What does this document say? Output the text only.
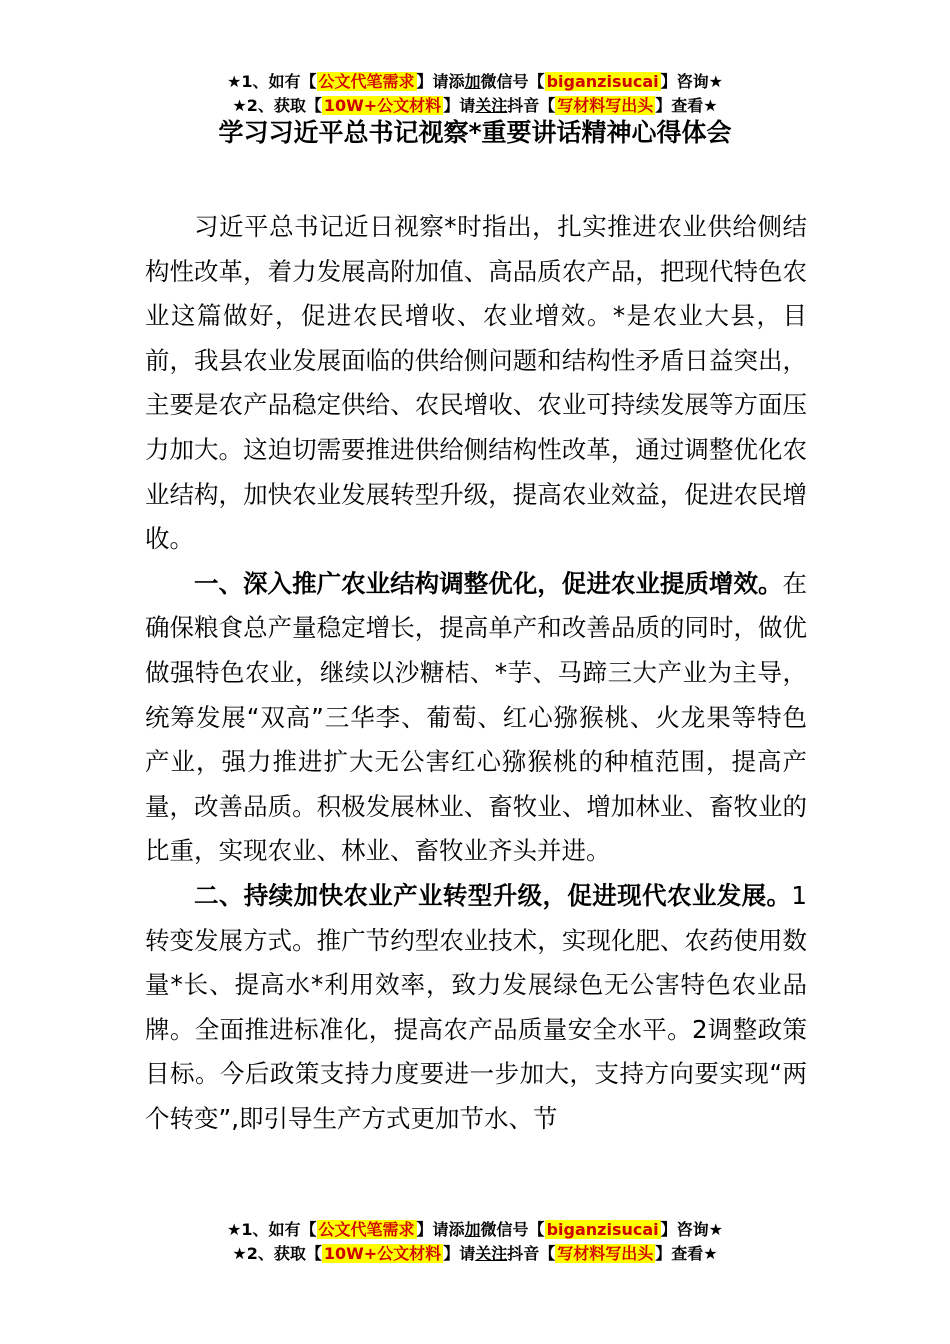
★1、如有【 公文代笔需求 】请添加微信号【 biganzisucai 】咨询★
★2、获取【 10W+公文材料 】请关注抖音【 写材料写出头 】查看★
学习习近平总书记视察*重要讲话精神心得体会

习近平总书记近日视察*时指出，扎实推进农业供给侧结构性改革，着力发展高附加值、高品质农产品，把现代特色农业这篇做好，促进农民增收、农业增效。*是农业大县，目前，我县农业发展面临的供给侧问题和结构性矛盾日益突出，主要是农产品稳定供给、农民增收、农业可持续发展等方面压力加大。这迫切需要推进供给侧结构性改革，通过调整优化农业结构，加快农业发展转型升级，提高农业效益，促进农民增收。

一、深入推广农业结构调整优化，促进农业提质增效。在确保粮食总产量稳定增长，提高单产和改善品质的同时，做优做强特色农业，继续以沙糖桔、*芋、马蹄三大产业为主导，统筹发展“双高”三华李、葡萄、红心猕猴桃、火龙果等特色产业，强力推进扩大无公害红心猕猴桃的种植范围，提高产量，改善品质。积极发展林业、畜牧业、增加林业、畜牧业的比重，实现农业、林业、畜牧业齐头并进。

二、持续加快农业产业转型升级，促进现代农业发展。1转变发展方式。推广节约型农业技术，实现化肥、农药使用数量*长、提高水*利用效率，致力发展绿色无公害特色农业品牌。全面推进标准化，提高农产品质量安全水平。2调整政策目标。今后政策支持力度要进一步加大，支持方向要实现“两个转变”,即引导生产方式更加节水、节

★1、如有【 公文代笔需求 】请添加微信号【 biganzisucai 】咨询★
★2、获取【 10W+公文材料 】请关注抖音【 写材料写出头 】查看★
